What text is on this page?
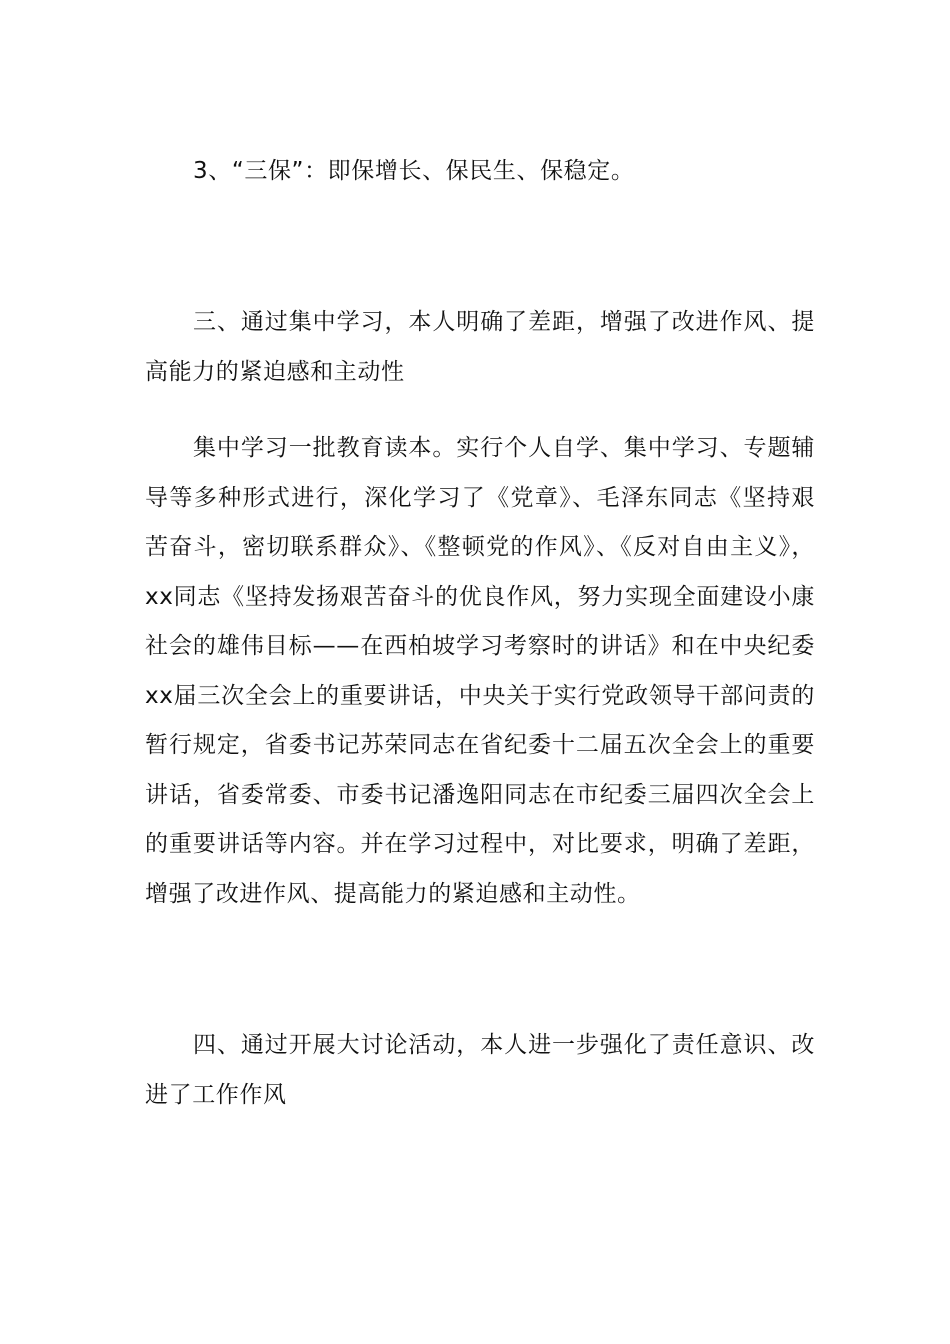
3、“三保”：即保增长、保民生、保稳定。

三、通过集中学习，本人明确了差距，增强了改进作风、提高能力的紧迫感和主动性

集中学习一批教育读本。实行个人自学、集中学习、专题辅导等多种形式进行，深化学习了《党章》、毛泽东同志《坚持艰苦奋斗，密切联系群众》、《整顿党的作风》、《反对自由主义》，xx同志《坚持发扬艰苦奋斗的优良作风，努力实现全面建设小康社会的雄伟目标——在西柏坡学习考察时的讲话》和在中央纪委xx届三次全会上的重要讲话，中央关于实行党政领导干部问责的暂行规定，省委书记苏荣同志在省纪委十二届五次全会上的重要讲话，省委常委、市委书记潘逸阳同志在市纪委三届四次全会上的重要讲话等内容。并在学习过程中，对比要求，明确了差距，增强了改进作风、提高能力的紧迫感和主动性。

四、通过开展大讨论活动，本人进一步强化了责任意识、改进了工作作风
